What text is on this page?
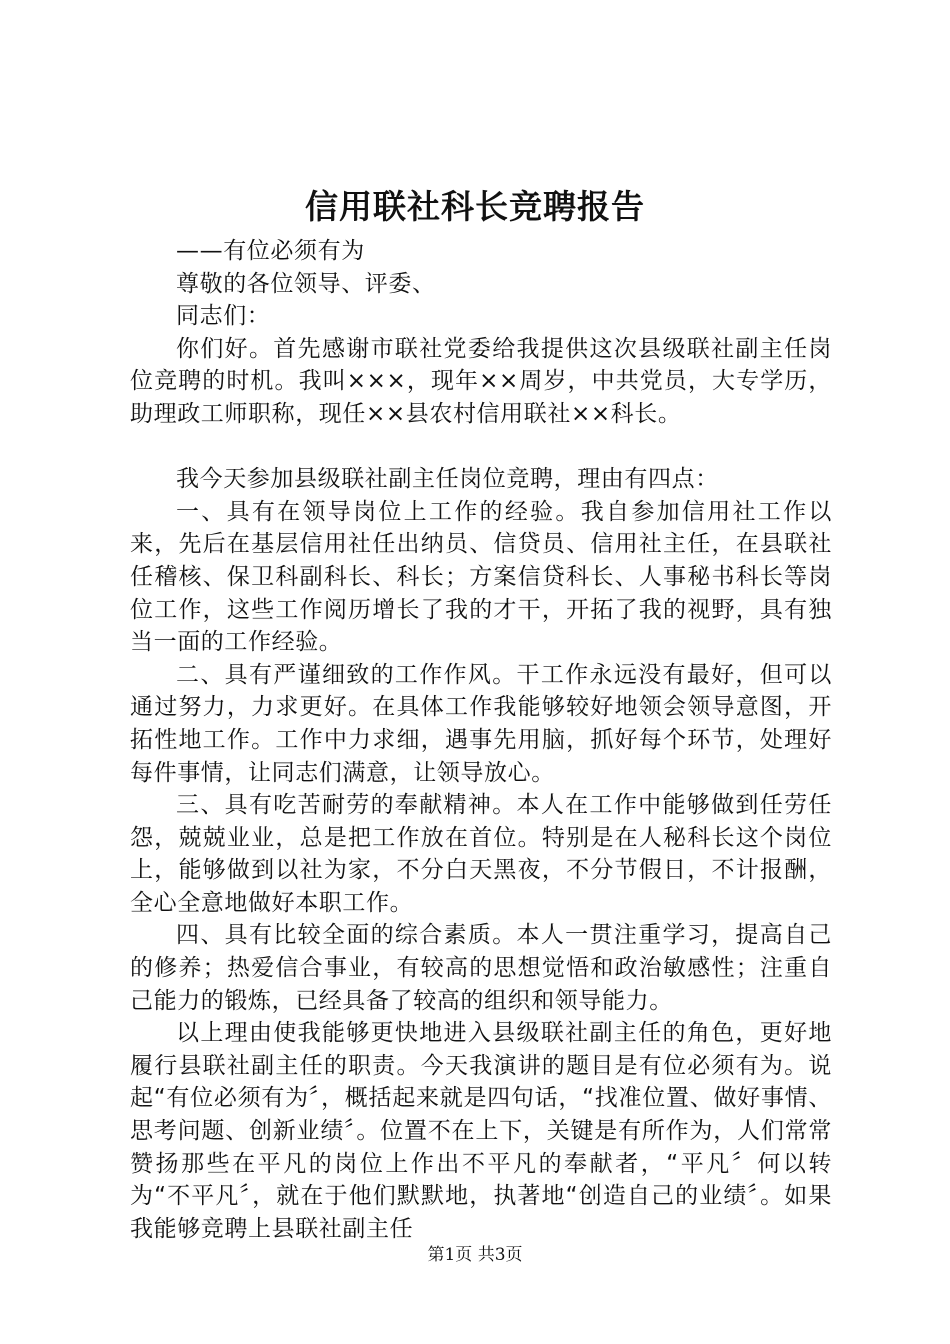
信用联社科长竞聘报告

——有位必须有为

尊敬的各位领导、评委、

同志们：

你们好。首先感谢市联社党委给我提供这次县级联社副主任岗位竞聘的时机。我叫×××，现年××周岁，中共党员，大专学历，助理政工师职称，现任××县农村信用联社××科长。

我今天参加县级联社副主任岗位竞聘，理由有四点：

一、具有在领导岗位上工作的经验。我自参加信用社工作以来，先后在基层信用社任出纳员、信贷员、信用社主任，在县联社任稽核、保卫科副科长、科长；方案信贷科长、人事秘书科长等岗位工作，这些工作阅历增长了我的才干，开拓了我的视野，具有独当一面的工作经验。

二、具有严谨细致的工作作风。干工作永远没有最好，但可以通过努力，力求更好。在具体工作我能够较好地领会领导意图，开拓性地工作。工作中力求细，遇事先用脑，抓好每个环节，处理好每件事情，让同志们满意，让领导放心。

三、具有吃苦耐劳的奉献精神。本人在工作中能够做到任劳任怨，兢兢业业，总是把工作放在首位。特别是在人秘科长这个岗位上，能够做到以社为家，不分白天黑夜，不分节假日，不计报酬，全心全意地做好本职工作。

四、具有比较全面的综合素质。本人一贯注重学习，提高自己的修养；热爱信合事业，有较高的思想觉悟和政治敏感性；注重自己能力的锻炼，已经具备了较高的组织和领导能力。

以上理由使我能够更快地进入县级联社副主任的角色，更好地履行县联社副主任的职责。今天我演讲的题目是有位必须有为。说起“有位必须有为〞，概括起来就是四句话，“找准位置、做好事情、思考问题、创新业绩〞。位置不在上下，关键是有所作为，人们常常赞扬那些在平凡的岗位上作出不平凡的奉献者，“平凡〞何以转为“不平凡〞，就在于他们默默地，执著地“创造自己的业绩〞。如果我能够竞聘上县联社副主任

第1页 共3页
